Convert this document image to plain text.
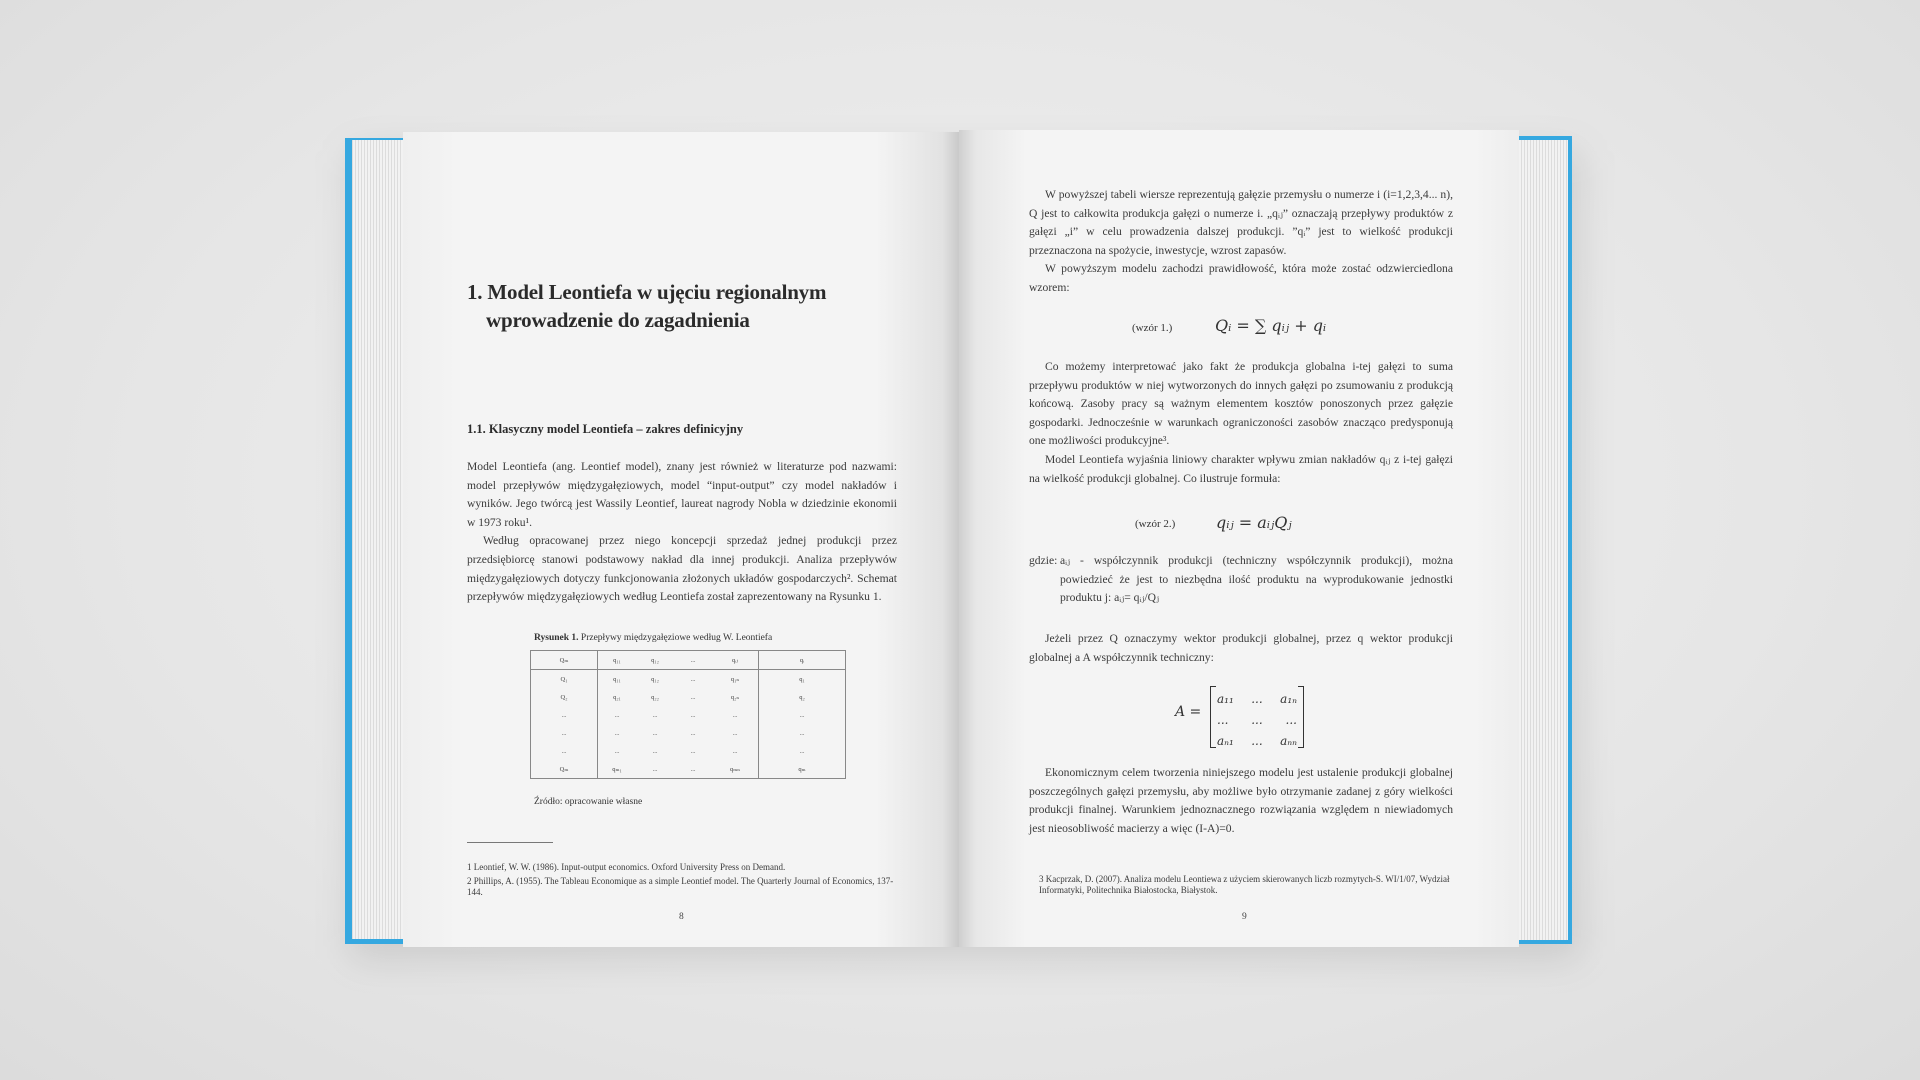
1. Model Leontiefa w ujęciu regionalnym
wprowadzenie do zagadnienia
1.1. Klasyczny model Leontiefa – zakres definicyjny

Model Leontiefa (ang. Leontief model), znany jest również w literaturze pod nazwami: model przepływów międzygałęziowych, model “input-output” czy model nakładów i wyników. Jego twórcą jest Wassily Leontief, laureat nagrody Nobla w dziedzinie ekonomii w 1973 roku¹.

Według opracowanej przez niego koncepcji sprzedaż jednej produkcji przez przedsiębiorcę stanowi podstawowy nakład dla innej produkcji. Analiza przepływów międzygałęziowych dotyczy funkcjonowania złożonych układów gospodarczych². Schemat przepływów międzygałęziowych według Leontiefa został zaprezentowany na Rysunku 1.

Rysunek 1. Przepływy międzygałęziowe według W. Leontiefa
Qₘ	q₁₁	q₁₂	...	qᵢⱼ	qᵢ
Q₁	q₁₁	q₁₂	...	q₁ₙ	q₁
Q₂	q₂₁	q₂₂	...	q₂ₙ	q₂
...	...	...	...	...	...
...	...	...	...	...	...
...	...	...	...	...	...
Qₘ	qₘ₁	...	...	qₘₙ	qₘ
Źródło: opracowanie własne
1 Leontief, W. W. (1986). Input-output economics. Oxford University Press on Demand.
2 Phillips, A. (1955). The Tableau Economique as a simple Leontief model. The Quarterly Journal of Economics, 137-144.
8

W powyższej tabeli wiersze reprezentują gałęzie przemysłu o numerze i (i=1,2,3,4... n), Q jest to całkowita produkcja gałęzi o numerze i. „qᵢⱼ” oznaczają przepływy produktów z gałęzi „i” w celu prowadzenia dalszej produkcji. ”qᵢ” jest to wielkość produkcji przeznaczona na spożycie, inwestycje, wzrost zapasów.

W powyższym modelu zachodzi prawidłowość, która może zostać odzwierciedlona wzorem:

(wzór 1.)	Qᵢ = ∑ qᵢⱼ + qᵢ

Co możemy interpretować jako fakt że produkcja globalna i-tej gałęzi to suma przepływu produktów w niej wytworzonych do innych gałęzi po zsumowaniu z produkcją końcową. Zasoby pracy są ważnym elementem kosztów ponoszonych przez gałęzie gospodarki. Jednocześnie w warunkach ograniczoności zasobów znacząco predysponują one możliwości produkcyjne³.

Model Leontiefa wyjaśnia liniowy charakter wpływu zmian nakładów qᵢⱼ z i-tej gałęzi na wielkość produkcji globalnej. Co ilustruje formuła:

(wzór 2.)	qᵢⱼ = aᵢⱼQⱼ
gdzie: aᵢⱼ - współczynnik produkcji (techniczny współczynnik produkcji), można powiedzieć że jest to niezbędna ilość produktu na wyprodukowanie jednostki produktu j: aᵢⱼ= qᵢⱼ/Qⱼ

Jeżeli przez Q oznaczymy wektor produkcji globalnej, przez q wektor produkcji globalnej a A współczynnik techniczny:

A =
a₁₁	...	a₁ₙ
...	...	...
aₙ₁	...	aₙₙ

Ekonomicznym celem tworzenia niniejszego modelu jest ustalenie produkcji globalnej poszczególnych gałęzi przemysłu, aby możliwe było otrzymanie zadanej z góry wielkości produkcji finalnej. Warunkiem jednoznacznego rozwiązania względem n niewiadomych jest nieosobliwość macierzy a więc (I-A)=0.

3 Kacprzak, D. (2007). Analiza modelu Leontiewa z użyciem skierowanych liczb rozmytych-S. WI/1/07, Wydział Informatyki, Politechnika Białostocka, Białystok.
9
